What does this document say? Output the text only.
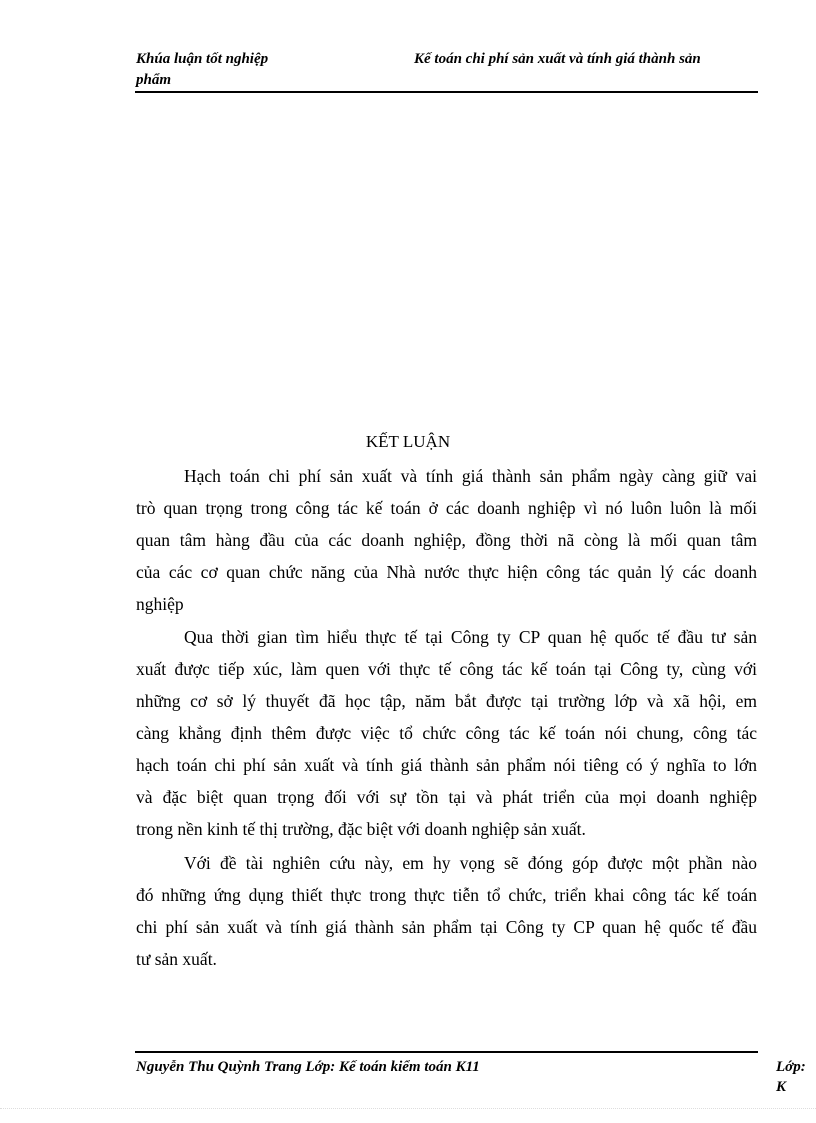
Khúa luận tốt nghiệp	Kế toán chi phí sản xuất và tính giá thành sản
phẩm
KẾT LUẬN
Hạch toán chi phí sản xuất và tính giá thành sản phẩm ngày càng giữ vai
trò quan trọng trong công tác kế toán ở các doanh nghiệp vì nó luôn luôn là mối
quan tâm hàng đầu của các doanh nghiệp, đồng thời nã còng là mối quan tâm
của các cơ quan chức năng của Nhà nước thực hiện công tác quản lý các doanh
nghiệp
Qua thời gian tìm hiểu thực tế tại Công ty CP quan hệ quốc tế đầu tư sản
xuất được tiếp xúc, làm quen với thực tế công tác kế toán tại Công ty, cùng với
những cơ sở lý thuyết đã học tập, năm bắt được tại trường lớp và xã hội, em
càng khẳng định thêm được việc tổ chức công tác kế toán nói chung, công tác
hạch toán chi phí sản xuất và tính giá thành sản phẩm nói tiêng có ý nghĩa to lớn
và đặc biệt quan trọng đối với sự tồn tại và phát triển của mọi doanh nghiệp
trong nền kinh tế thị trường, đặc biệt với doanh nghiệp sản xuất.
Với đề tài nghiên cứu này, em hy vọng sẽ đóng góp được một phần nào
đó những ứng dụng thiết thực trong thực tiễn tổ chức, triển khai công tác kế toán
chi phí sản xuất và tính giá thành sản phẩm tại Công ty CP quan hệ quốc tế đầu
tư sản xuất.
Nguyễn Thu Quỳnh Trang Lớp: Kế toán kiểm toán K11	Lớp: K
